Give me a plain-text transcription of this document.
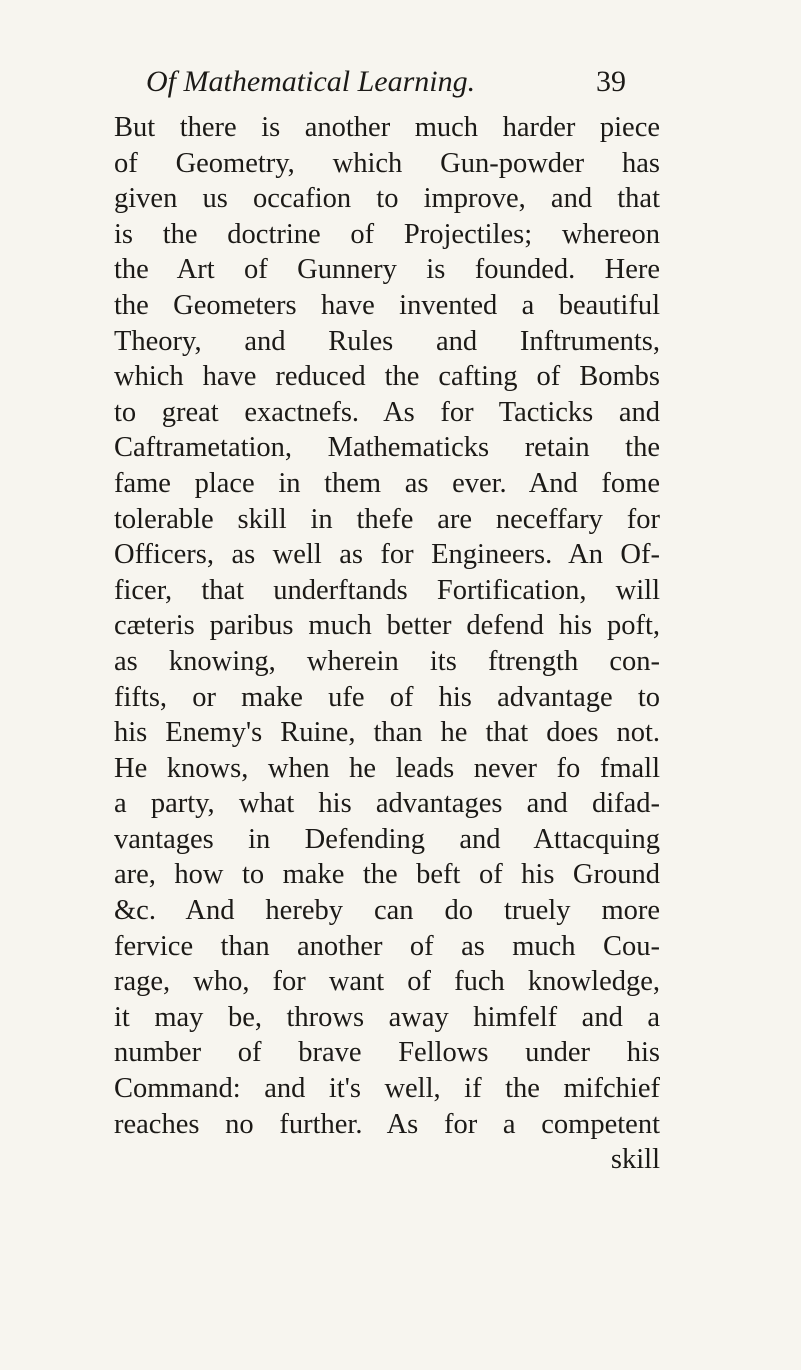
Of Mathematical Learning.	39
But there is another much harder piece
of Geometry, which Gun-powder has
given us occafion to improve, and that
is the doctrine of Projectiles; whereon
the Art of Gunnery is founded. Here
the Geometers have invented a beautiful
Theory, and Rules and Inftruments,
which have reduced the cafting of Bombs
to great exactnefs. As for Tacticks and
Caftrametation, Mathematicks retain the
fame place in them as ever. And fome
tolerable skill in thefe are neceffary for
Officers, as well as for Engineers. An Of-
ficer, that underftands Fortification, will
cæteris paribus much better defend his poft,
as knowing, wherein its ftrength con-
fifts, or make ufe of his advantage to
his Enemy's Ruine, than he that does not.
He knows, when he leads never fo fmall
a party, what his advantages and difad-
vantages in Defending and Attacquing
are, how to make the beft of his Ground
&c. And hereby can do truely more
fervice than another of as much Cou-
rage, who, for want of fuch knowledge,
it may be, throws away himfelf and a
number of brave Fellows under his
Command: and it's well, if the mifchief
reaches no further. As for a competent
skill
